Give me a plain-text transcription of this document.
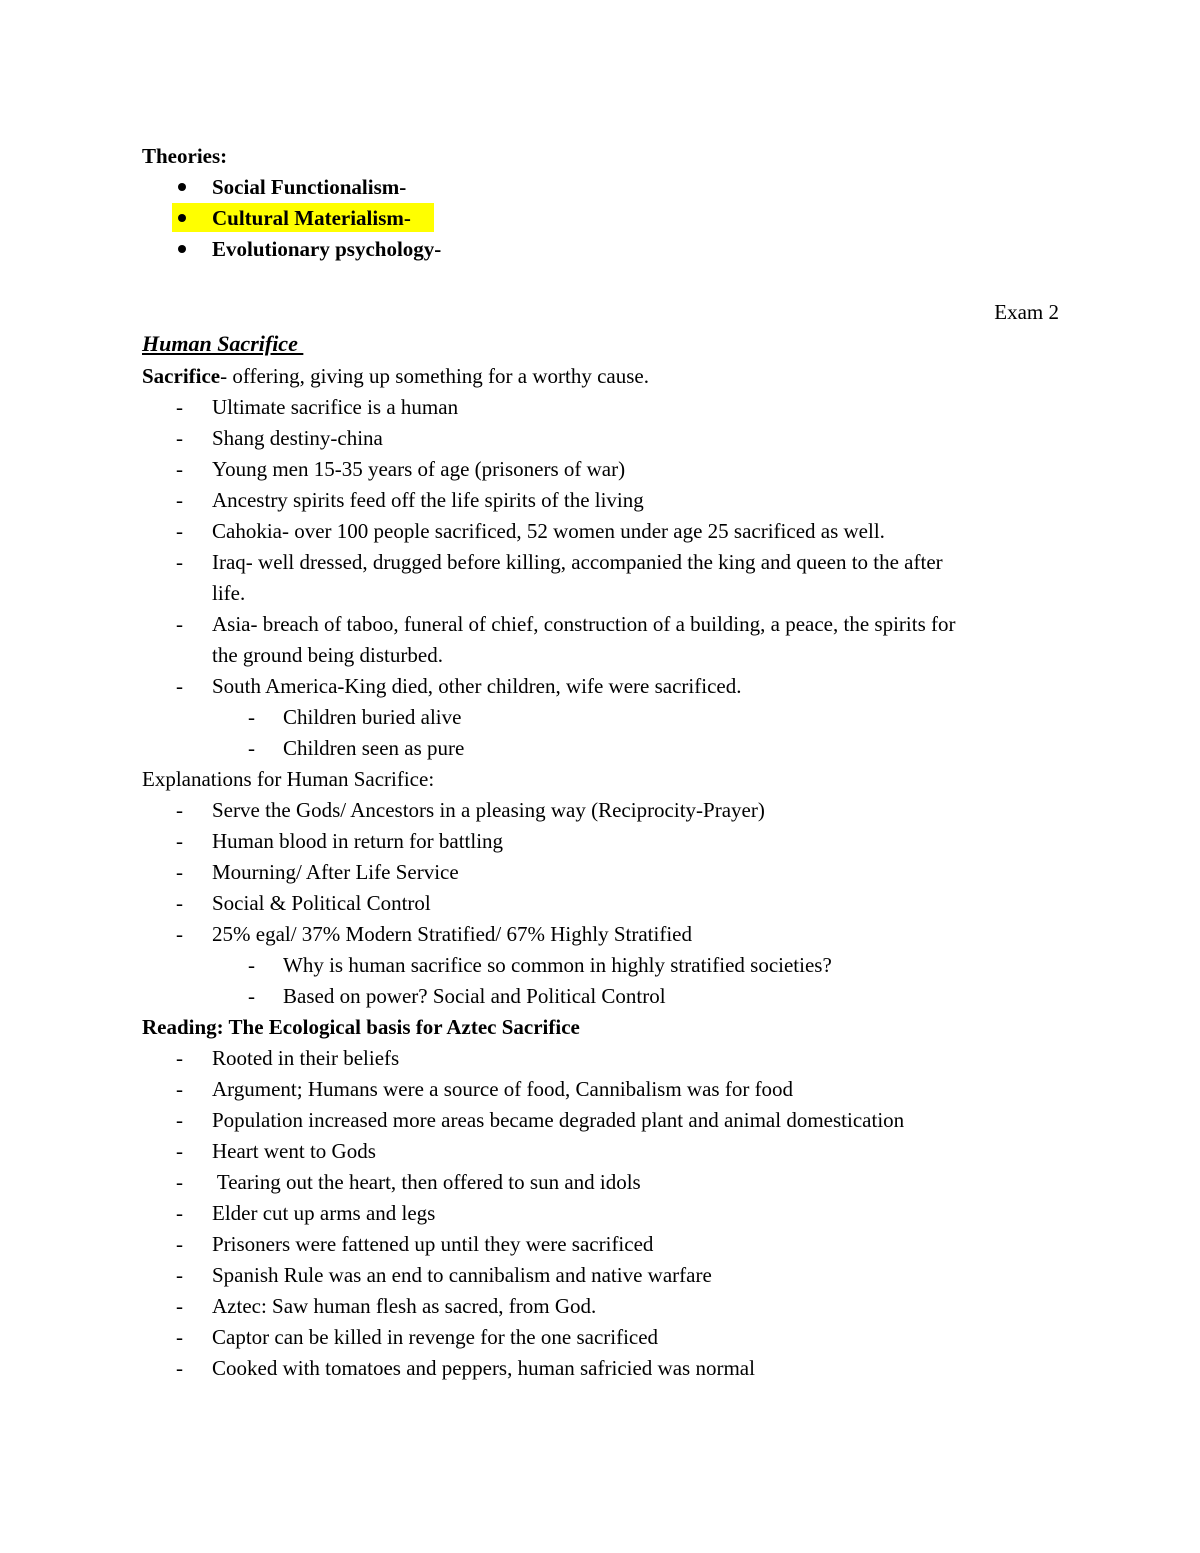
Theories:
Social Functionalism-
Cultural Materialism-
Evolutionary psychology-
Exam 2
Human Sacrifice
Sacrifice- offering, giving up something for a worthy cause.
- Ultimate sacrifice is a human
- Shang destiny-china
- Young men 15-35 years of age (prisoners of war)
- Ancestry spirits feed off the life spirits of the living
- Cahokia- over 100 people sacrificed, 52 women under age 25 sacrificed as well.
- Iraq- well dressed, drugged before killing, accompanied the king and queen to the after
life.
- Asia- breach of taboo, funeral of chief, construction of a building, a peace, the spirits for
the ground being disturbed.
- South America-King died, other children, wife were sacrificed.
- Children buried alive
- Children seen as pure
Explanations for Human Sacrifice:
- Serve the Gods/ Ancestors in a pleasing way (Reciprocity-Prayer)
- Human blood in return for battling
- Mourning/ After Life Service
- Social & Political Control
- 25% egal/ 37% Modern Stratified/ 67% Highly Stratified
- Why is human sacrifice so common in highly stratified societies?
- Based on power? Social and Political Control
Reading: The Ecological basis for Aztec Sacrifice
- Rooted in their beliefs
- Argument; Humans were a source of food, Cannibalism was for food
- Population increased more areas became degraded plant and animal domestication
- Heart went to Gods
- Tearing out the heart, then offered to sun and idols
- Elder cut up arms and legs
- Prisoners were fattened up until they were sacrificed
- Spanish Rule was an end to cannibalism and native warfare
- Aztec: Saw human flesh as sacred, from God.
- Captor can be killed in revenge for the one sacrificed
- Cooked with tomatoes and peppers, human safricied was normal
